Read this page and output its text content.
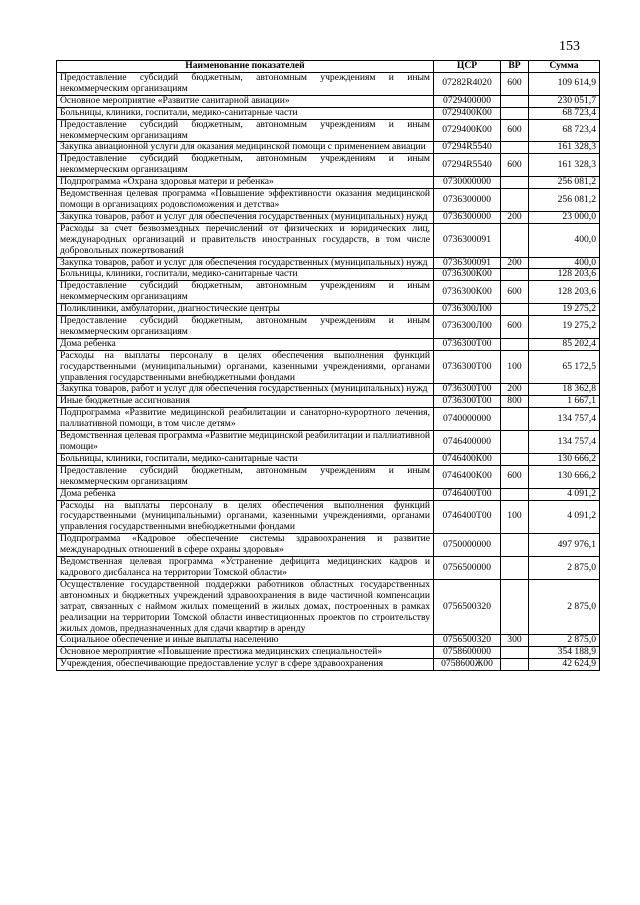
153
Наименование показателей	ЦСР	ВР	Сумма
Предоставление субсидий бюджетным, автономным учреждениям и иным некоммерческим организациям	07282R4020	600	109 614,9
Основное мероприятие «Развитие санитарной авиации»	0729400000		230 051,7
Больницы, клиники, госпитали, медико-санитарные части	0729400К00		68 723,4
Предоставление субсидий бюджетным, автономным учреждениям и иным некоммерческим организациям	0729400К00	600	68 723,4
Закупка авиационной услуги для оказания медицинской помощи с применением авиации	07294R5540		161 328,3
Предоставление субсидий бюджетным, автономным учреждениям и иным некоммерческим организациям	07294R5540	600	161 328,3
Подпрограмма «Охрана здоровья матери и ребенка»	0730000000		256 081,2
Ведомственная целевая программа «Повышение эффективности оказания медицинской помощи в организациях родовспоможения и детства»	0736300000		256 081,2
Закупка товаров, работ и услуг для обеспечения государственных (муниципальных) нужд	0736300000	200	23 000,0
Расходы за счет безвозмездных перечислений от физических и юридических лиц, международных организаций и правительств иностранных государств, в том числе добровольных пожертвований	0736300091		400,0
Закупка товаров, работ и услуг для обеспечения государственных (муниципальных) нужд	0736300091	200	400,0
Больницы, клиники, госпитали, медико-санитарные части	0736300К00		128 203,6
Предоставление субсидий бюджетным, автономным учреждениям и иным некоммерческим организациям	0736300К00	600	128 203,6
Поликлиники, амбулатории, диагностические центры	0736300Л00		19 275,2
Предоставление субсидий бюджетным, автономным учреждениям и иным некоммерческим организациям	0736300Л00	600	19 275,2
Дома ребенка	0736300Т00		85 202,4
Расходы на выплаты персоналу в целях обеспечения выполнения функций государственными (муниципальными) органами, казенными учреждениями, органами управления государственными внебюджетными фондами	0736300Т00	100	65 172,5
Закупка товаров, работ и услуг для обеспечения государственных (муниципальных) нужд	0736300Т00	200	18 362,8
Иные бюджетные ассигнования	0736300Т00	800	1 667,1
Подпрограмма «Развитие медицинской реабилитации и санаторно-курортного лечения, паллиативной помощи, в том числе детям»	0740000000		134 757,4
Ведомственная целевая программа «Развитие медицинской реабилитации и паллиативной помощи»	0746400000		134 757,4
Больницы, клиники, госпитали, медико-санитарные части	0746400К00		130 666,2
Предоставление субсидий бюджетным, автономным учреждениям и иным некоммерческим организациям	0746400К00	600	130 666,2
Дома ребенка	0746400Т00		4 091,2
Расходы на выплаты персоналу в целях обеспечения выполнения функций государственными (муниципальными) органами, казенными учреждениями, органами управления государственными внебюджетными фондами	0746400Т00	100	4 091,2
Подпрограмма «Кадровое обеспечение системы здравоохранения и развитие международных отношений в сфере охраны здоровья»	0750000000		497 976,1
Ведомственная целевая программа «Устранение дефицита медицинских кадров и кадрового дисбаланса на территории Томской области»	0756500000		2 875,0
Осуществление государственной поддержки работников областных государственных автономных и бюджетных учреждений здравоохранения в виде частичной компенсации затрат, связанных с наймом жилых помещений в жилых домах, построенных в рамках реализации на территории Томской области инвестиционных проектов по строительству жилых домов, предназначенных для сдачи квартир в аренду	0756500320		2 875,0
Социальное обеспечение и иные выплаты населению	0756500320	300	2 875,0
Основное мероприятие «Повышение престижа медицинских специальностей»	0758600000		354 188,9
Учреждения, обеспечивающие предоставление услуг в сфере здравоохранения	0758600Ж00		42 624,9
